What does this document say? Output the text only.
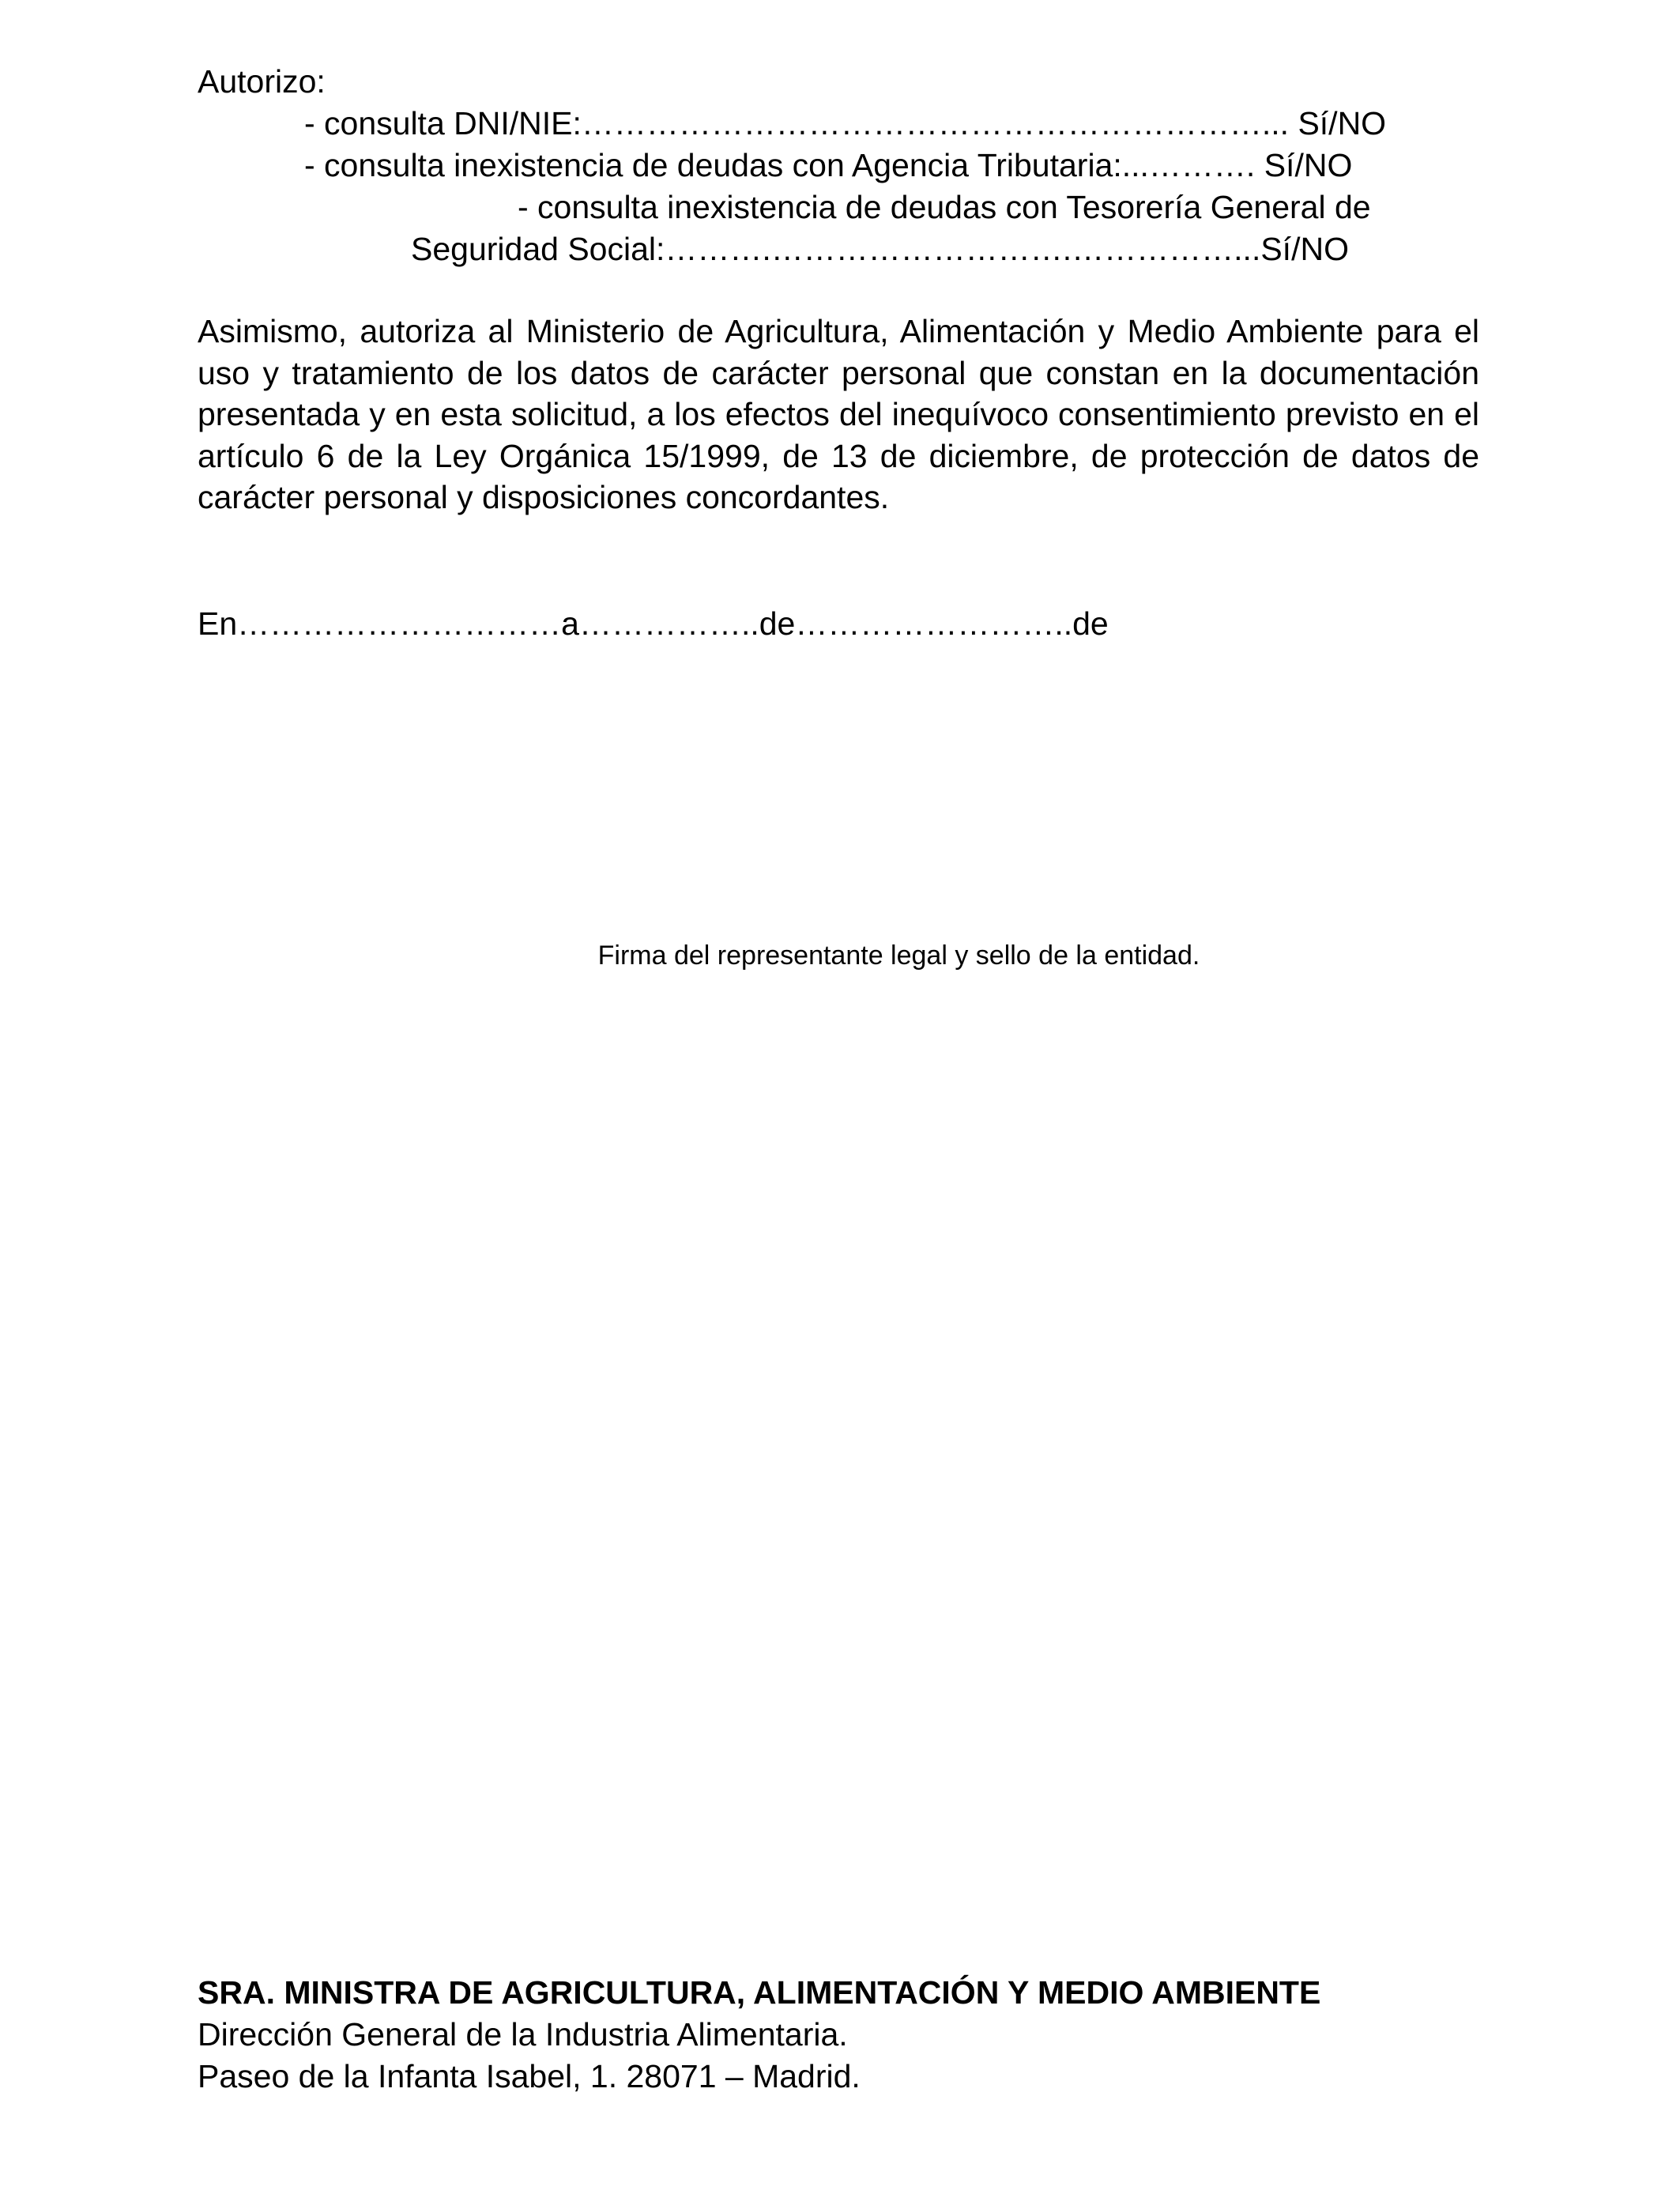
Autorizo:

- consulta DNI/NIE:………………………………………………………... Sí/NO

- consulta inexistencia de deudas con Agencia Tributaria:...………. Sí/NO

- consulta inexistencia de deudas con Tesorería General de

Seguridad Social:……….……………………….……………...Sí/NO

Asimismo, autoriza al Ministerio de Agricultura, Alimentación y Medio Ambiente para el uso y tratamiento de los datos de carácter personal que constan en la documentación presentada y en esta solicitud, a los efectos del inequívoco consentimiento previsto en el artículo 6 de la Ley Orgánica 15/1999, de 13 de diciembre, de protección de datos de carácter personal y disposiciones concordantes.

En…………………………a……………..de……………………..de

Firma del representante legal y sello de la entidad.

SRA. MINISTRA DE AGRICULTURA, ALIMENTACIÓN Y MEDIO AMBIENTE

Dirección General de la Industria Alimentaria.

Paseo de la Infanta Isabel, 1. 28071 – Madrid.
